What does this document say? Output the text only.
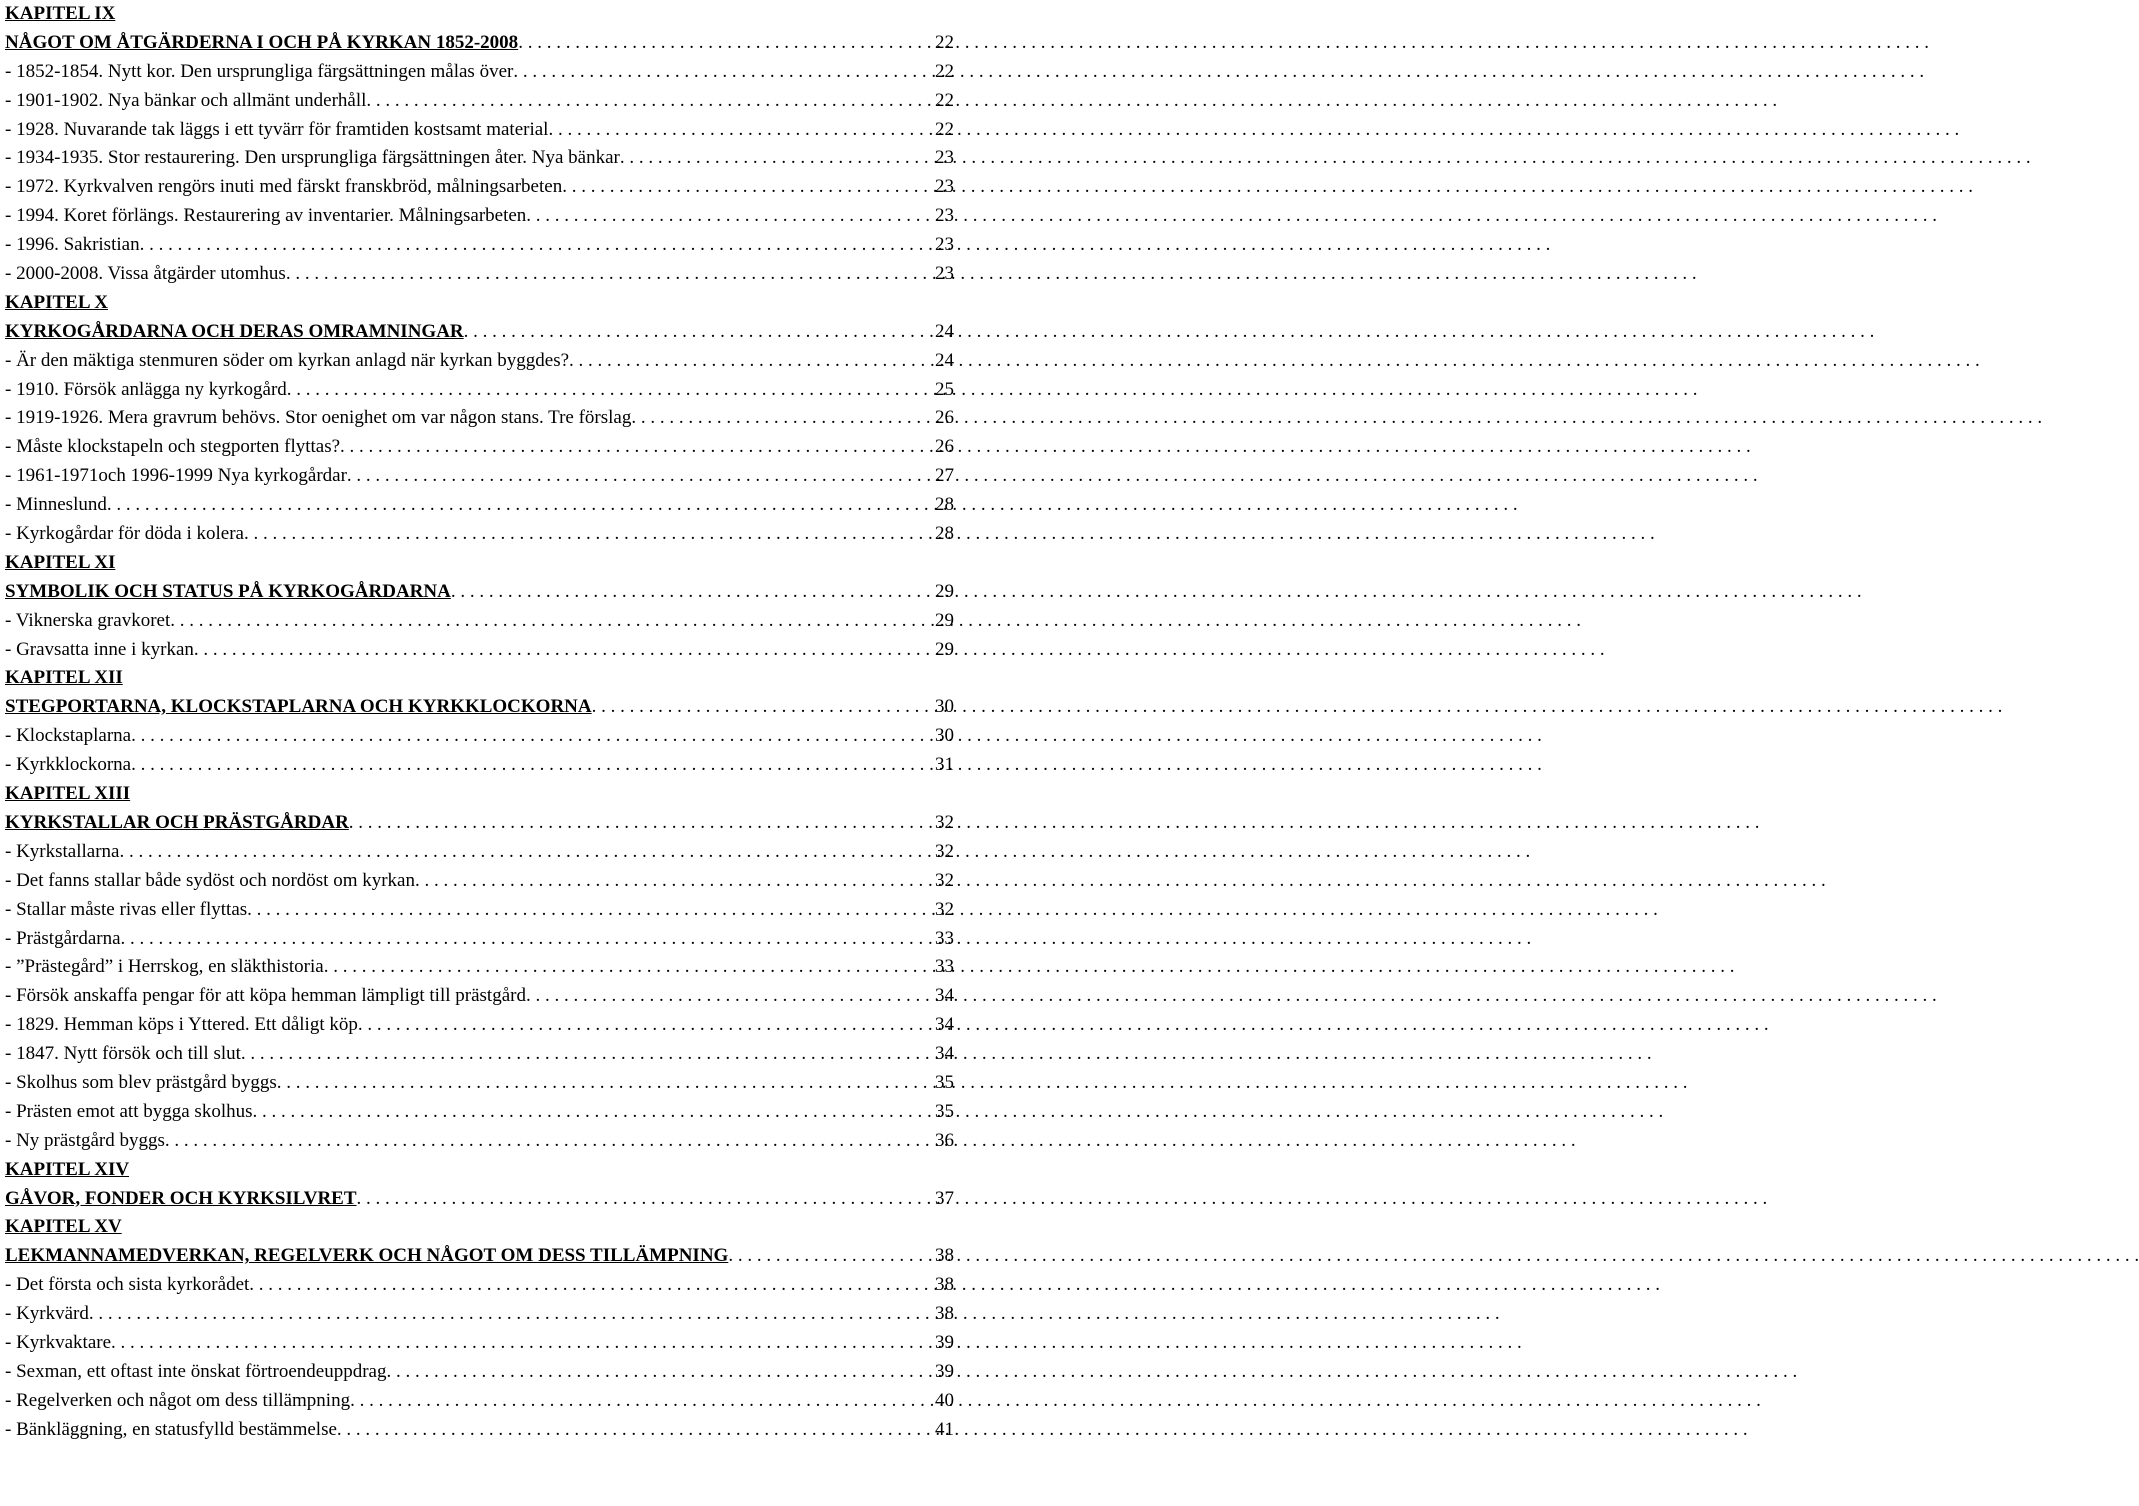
KAPITEL IX
NÅGOT OM ÅTGÄRDERNA I OCH PÅ KYRKAN 1852-2008 . . .	22
- 1852-1854. Nytt kor. Den ursprungliga färgsättningen målas över . . .	22
- 1901-1902. Nya bänkar och allmänt underhåll . . .	22
- 1928. Nuvarande tak läggs i ett tyvärr för framtiden kostsamt material . . .	22
- 1934-1935. Stor restaurering. Den ursprungliga färgsättningen åter. Nya bänkar . . .	23
- 1972. Kyrkvalven rengörs inuti med färskt franskbröd, målningsarbeten . . .	23
- 1994. Koret förlängs. Restaurering av inventarier. Målningsarbeten . . .	23
- 1996. Sakristian . . .	23
- 2000-2008. Vissa åtgärder utomhus . . .	23
KAPITEL X
KYRKOGÅRDARNA OCH DERAS OMRAMNINGAR . . .	24
- Är den mäktiga stenmuren söder om kyrkan anlagd när kyrkan byggdes? . . .	24
- 1910. Försök anlägga ny kyrkogård . . .	25
- 1919-1926. Mera gravrum behövs. Stor oenighet om var någon stans. Tre förslag . . .	26
- Måste klockstapeln och stegporten flyttas? . . .	26
- 1961-1971och 1996-1999 Nya kyrkogårdar . . .	27
- Minneslund . . .	28
- Kyrkogårdar för döda i kolera . . .	28
KAPITEL XI
SYMBOLIK OCH STATUS PÅ KYRKOGÅRDARNA . . .	29
- Viknerska gravkoret . . .	29
- Gravsatta inne i kyrkan . . .	29
KAPITEL XII
STEGPORTARNA, KLOCKSTAPLARNA OCH KYRKKLOCKORNA . . .	30
- Klockstaplarna . . .	30
- Kyrkklockorna . . .	31
KAPITEL XIII
KYRKSTALLAR OCH PRÄSTGÅRDAR . . .	32
- Kyrkstallarna . . .	32
- Det fanns stallar både sydöst och nordöst om kyrkan . . .	32
- Stallar måste rivas eller flyttas . . .	32
- Prästgårdarna . . .	33
- ”Prästegård” i Herrskog, en släkthistoria . . .	33
- Försök anskaffa pengar för att köpa hemman lämpligt till prästgård . . .	34
- 1829. Hemman köps i Yttered. Ett dåligt köp . . .	34
- 1847. Nytt försök och till slut . . .	34
- Skolhus som blev prästgård byggs . . .	35
- Prästen emot att bygga skolhus . . .	35
- Ny prästgård byggs . . .	36
KAPITEL XIV
GÅVOR, FONDER OCH KYRKSILVRET . . .	37
KAPITEL XV
LEKMANNAMEDVERKAN, REGELVERK OCH NÅGOT OM DESS TILLÄMPNING . . .	38
- Det första och sista kyrkorådet . . .	38
- Kyrkvärd . . .	38
- Kyrkvaktare . . .	39
- Sexman, ett oftast inte önskat förtroendeuppdrag . . .	39
- Regelverken och något om dess tillämpning . . .	40
- Bänkläggning, en statusfylld bestämmelse . . .	41
